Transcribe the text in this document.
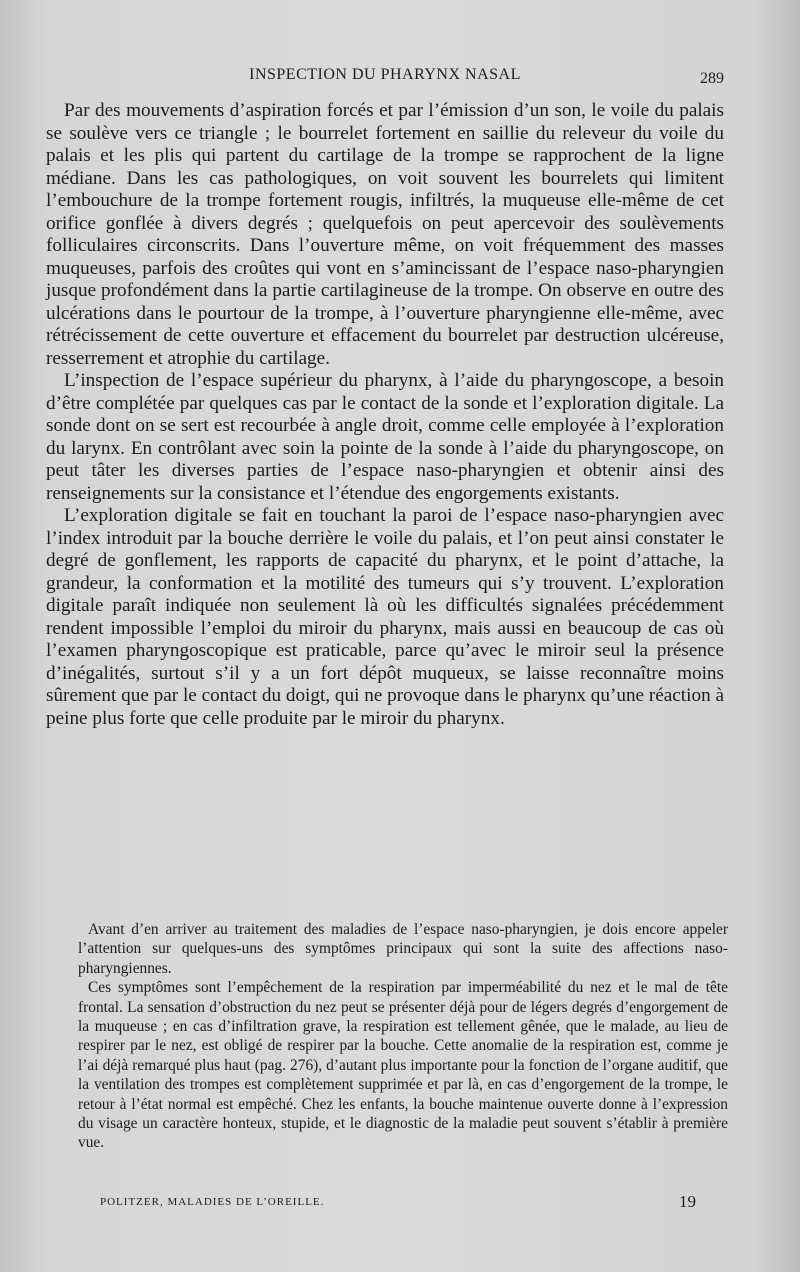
INSPECTION DU PHARYNX NASAL	289

Par des mouvements d’aspiration forcés et par l’émission d’un son, le voile du palais se soulève vers ce triangle ; le bourrelet fortement en saillie du releveur du voile du palais et les plis qui partent du cartilage de la trompe se rapprochent de la ligne médiane. Dans les cas pathologiques, on voit souvent les bourrelets qui limitent l’embouchure de la trompe fortement rougis, infiltrés, la muqueuse elle-même de cet orifice gonflée à divers degrés ; quelquefois on peut apercevoir des soulèvements folliculaires circonscrits. Dans l’ouverture même, on voit fréquemment des masses muqueuses, parfois des croûtes qui vont en s’amincissant de l’espace naso-pharyngien jusque profondément dans la partie cartilagineuse de la trompe. On observe en outre des ulcérations dans le pourtour de la trompe, à l’ouverture pharyngienne elle-même, avec rétrécissement de cette ouverture et effacement du bourrelet par destruction ulcéreuse, resserrement et atrophie du cartilage.

L’inspection de l’espace supérieur du pharynx, à l’aide du pharyngoscope, a besoin d’être complétée par quelques cas par le contact de la sonde et l’exploration digitale. La sonde dont on se sert est recourbée à angle droit, comme celle employée à l’exploration du larynx. En contrôlant avec soin la pointe de la sonde à l’aide du pharyngoscope, on peut tâter les diverses parties de l’espace naso-pharyngien et obtenir ainsi des renseignements sur la consistance et l’étendue des engorgements existants.

L’exploration digitale se fait en touchant la paroi de l’espace naso-pharyngien avec l’index introduit par la bouche derrière le voile du palais, et l’on peut ainsi constater le degré de gonflement, les rapports de capacité du pharynx, et le point d’attache, la grandeur, la conformation et la motilité des tumeurs qui s’y trouvent. L’exploration digitale paraît indiquée non seulement là où les difficultés signalées précédemment rendent impossible l’emploi du miroir du pharynx, mais aussi en beaucoup de cas où l’examen pharyngoscopique est praticable, parce qu’avec le miroir seul la présence d’inégalités, surtout s’il y a un fort dépôt muqueux, se laisse reconnaître moins sûrement que par le contact du doigt, qui ne provoque dans le pharynx qu’une réaction à peine plus forte que celle produite par le miroir du pharynx.

Avant d’en arriver au traitement des maladies de l’espace naso-pharyngien, je dois encore appeler l’attention sur quelques-uns des symptômes principaux qui sont la suite des affections naso-pharyngiennes.

Ces symptômes sont l’empêchement de la respiration par imperméabilité du nez et le mal de tête frontal. La sensation d’obstruction du nez peut se présenter déjà pour de légers degrés d’engorgement de la muqueuse ; en cas d’infiltration grave, la respiration est tellement gênée, que le malade, au lieu de respirer par le nez, est obligé de respirer par la bouche. Cette anomalie de la respiration est, comme je l’ai déjà remarqué plus haut (pag. 276), d’autant plus importante pour la fonction de l’organe auditif, que la ventilation des trompes est complètement supprimée et par là, en cas d’engorgement de la trompe, le retour à l’état normal est empêché. Chez les enfants, la bouche maintenue ouverte donne à l’expression du visage un caractère honteux, stupide, et le diagnostic de la maladie peut souvent s’établir à première vue.

POLITZER, MALADIES DE L’OREILLE.	19
